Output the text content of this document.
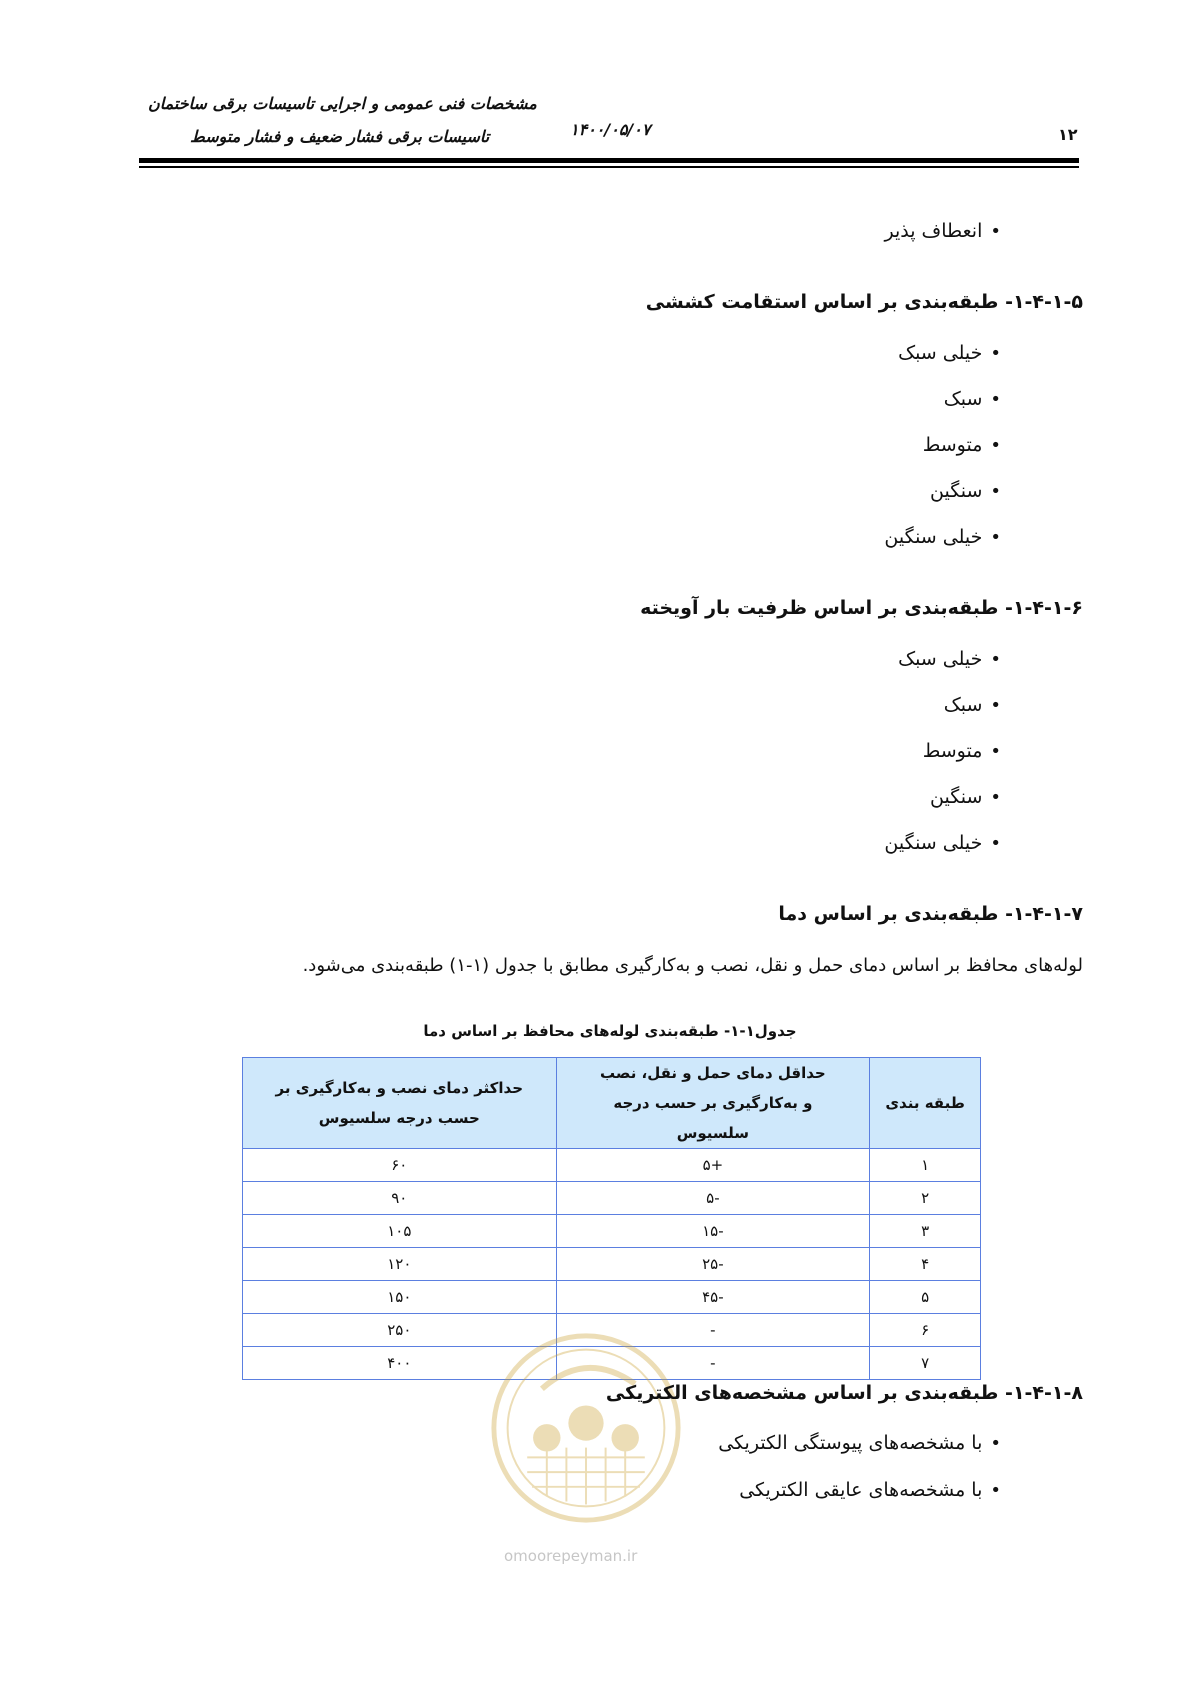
مشخصات فنی عمومی و اجرایی تاسیسات برقی ساختمان
تاسیسات برقی فشار ضعیف و فشار متوسط	۱۴۰۰/۰۵/۰۷	۱۲
• انعطاف پذیر
۱-۴-۱-۵- طبقه‌بندی بر اساس استقامت کششی
• خیلی سبک
• سبک
• متوسط
• سنگین
• خیلی سنگین
۱-۴-۱-۶- طبقه‌بندی بر اساس ظرفیت بار آویخته
• خیلی سبک
• سبک
• متوسط
• سنگین
• خیلی سنگین
۱-۴-۱-۷- طبقه‌بندی بر اساس دما
لوله‌های محافظ بر اساس دمای حمل و نقل، نصب و به‌کارگیری مطابق با جدول (۱-۱) طبقه‌بندی می‌شود.
جدول۱-۱- طبقه‌بندی لوله‌های محافظ بر اساس دما
طبقه بندی	حداقل دمای حمل و نقل، نصب و به‌کارگیری بر حسب درجه سلسیوس	حداکثر دمای نصب و به‌کارگیری بر حسب درجه سلسیوس
۱	+۵	۶۰
۲	-۵	۹۰
۳	-۱۵	۱۰۵
۴	-۲۵	۱۲۰
۵	-۴۵	۱۵۰
۶	-	۲۵۰
۷	-	۴۰۰
omoorepeyman.ir
۱-۴-۱-۸- طبقه‌بندی بر اساس مشخصه‌های الکتریکی
• با مشخصه‌های پیوستگی الکتریکی
• با مشخصه‌های عایقی الکتریکی
